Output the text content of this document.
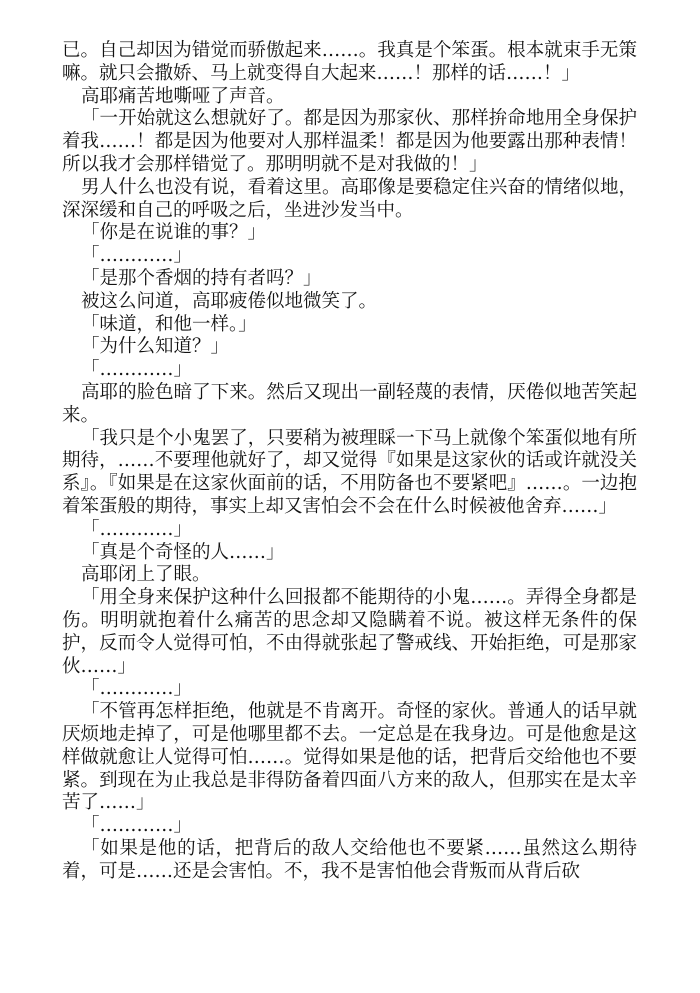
已。自己却因为错觉而骄傲起来……。我真是个笨蛋。根本就束手无策嘛。就只会撒娇、马上就变得自大起来……！那样的话……！」

高耶痛苦地嘶哑了声音。

「一开始就这么想就好了。都是因为那家伙、那样拚命地用全身保护着我……！都是因为他要对人那样温柔！都是因为他要露出那种表情！所以我才会那样错觉了。那明明就不是对我做的！」

男人什么也没有说，看着这里。高耶像是要稳定住兴奋的情绪似地，深深缓和自己的呼吸之后，坐进沙发当中。

「你是在说谁的事？」

「…………」

「是那个香烟的持有者吗？」

被这么问道，高耶疲倦似地微笑了。

「味道，和他一样。」

「为什么知道？」

「…………」

高耶的脸色暗了下来。然后又现出一副轻蔑的表情，厌倦似地苦笑起来。

「我只是个小鬼罢了，只要稍为被理睬一下马上就像个笨蛋似地有所期待，……不要理他就好了，却又觉得『如果是这家伙的话或许就没关系』。『如果是在这家伙面前的话，不用防备也不要紧吧』……。一边抱着笨蛋般的期待，事实上却又害怕会不会在什么时候被他舍弃……」

「…………」

「真是个奇怪的人……」

高耶闭上了眼。

「用全身来保护这种什么回报都不能期待的小鬼……。弄得全身都是伤。明明就抱着什么痛苦的思念却又隐瞒着不说。被这样无条件的保护，反而令人觉得可怕，不由得就张起了警戒线、开始拒绝，可是那家伙……」

「…………」

「不管再怎样拒绝，他就是不肯离开。奇怪的家伙。普通人的话早就厌烦地走掉了，可是他哪里都不去。一定总是在我身边。可是他愈是这样做就愈让人觉得可怕……。觉得如果是他的话，把背后交给他也不要紧。到现在为止我总是非得防备着四面八方来的敌人，但那实在是太辛苦了……」

「…………」

「如果是他的话，把背后的敌人交给他也不要紧……虽然这么期待着，可是……还是会害怕。不，我不是害怕他会背叛而从背后砍
